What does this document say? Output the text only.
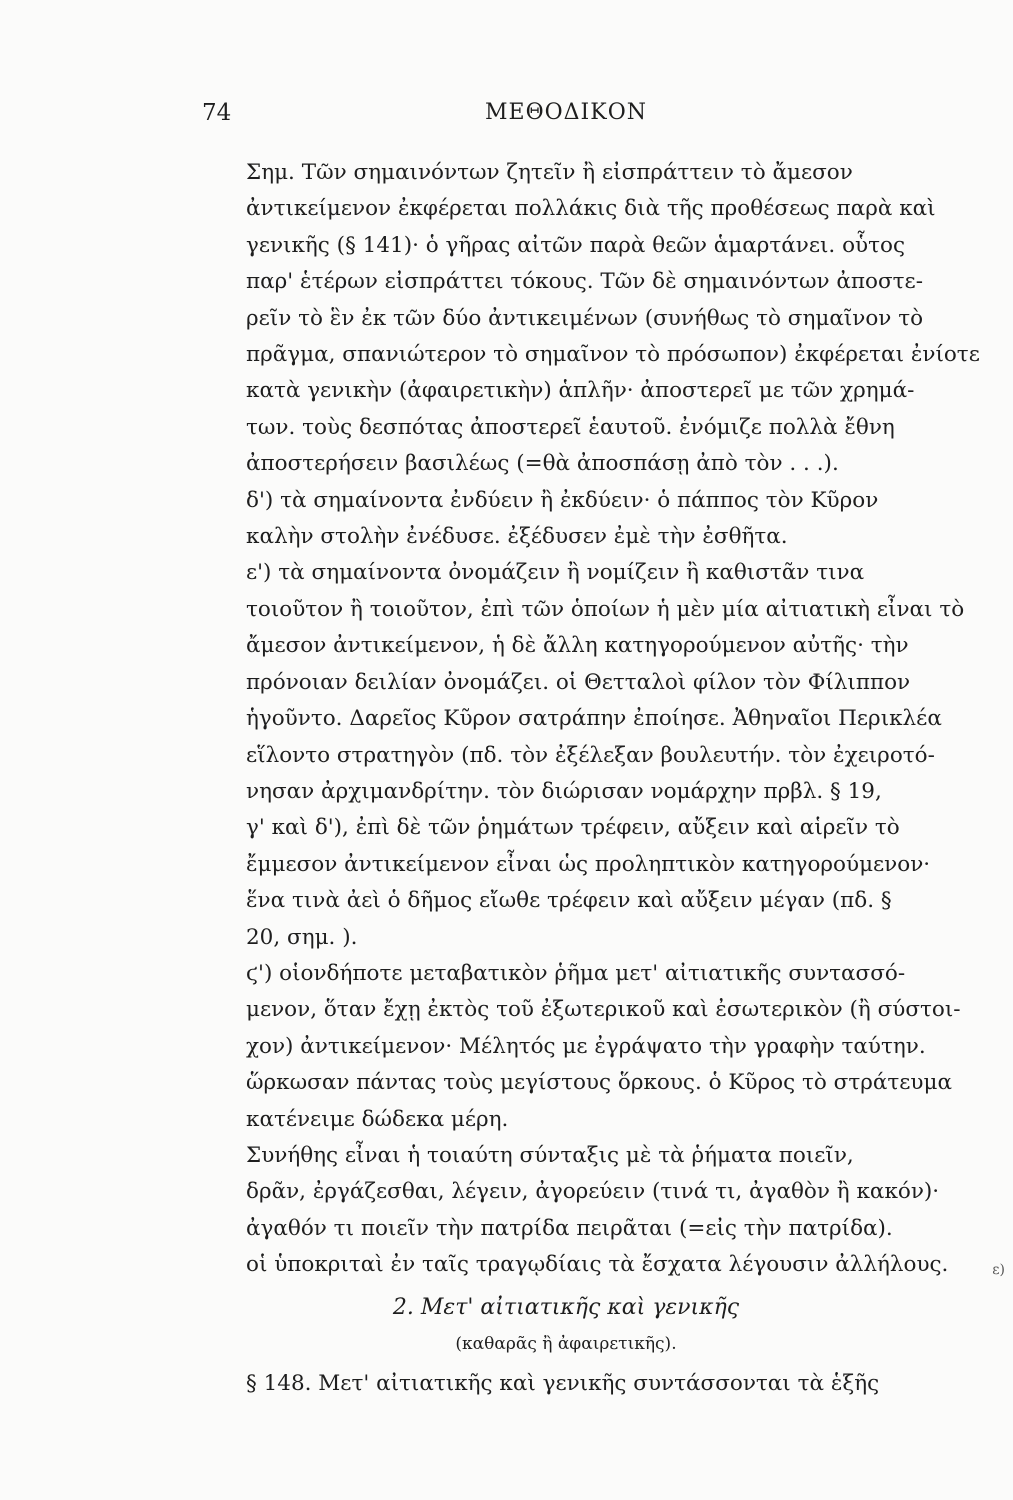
74	ΜΕΘΟΔΙΚΟΝ

Σημ. Τῶν σημαινόντων ζητεῖν ἢ εἰσπράττειν τὸ ἄμεσον
ἀντικείμενον ἐκφέρεται πολλάκις διὰ τῆς προθέσεως παρὰ καὶ
γενικῆς (§ 141)· ὁ γῆρας αἰτῶν παρὰ θεῶν ἁμαρτάνει. οὗτος
παρ' ἑτέρων εἰσπράττει τόκους. Τῶν δὲ σημαινόντων ἀποστε-
ρεῖν τὸ ἓν ἐκ τῶν δύο ἀντικειμένων (συνήθως τὸ σημαῖνον τὸ
πρᾶγμα, σπανιώτερον τὸ σημαῖνον τὸ πρόσωπον) ἐκφέρεται ἐνίοτε
κατὰ γενικὴν (ἀφαιρετικὴν) ἁπλῆν· ἀποστερεῖ με τῶν χρημά-
των. τοὺς δεσπότας ἀποστερεῖ ἑαυτοῦ. ἐνόμιζε πολλὰ ἔθνη
ἀποστερήσειν βασιλέως (=θὰ ἀποσπάσῃ ἀπὸ τὸν . . .).

δ') τὰ σημαίνοντα ἐνδύειν ἢ ἐκδύειν· ὁ πάππος τὸν Κῦρον
καλὴν στολὴν ἐνέδυσε. ἐξέδυσεν ἐμὲ τὴν ἐσθῆτα.

ε') τὰ σημαίνοντα ὀνομάζειν ἢ νομίζειν ἢ καθιστᾶν τινα
τοιοῦτον ἢ τοιοῦτον, ἐπὶ τῶν ὁποίων ἡ μὲν μία αἰτιατικὴ εἶναι τὸ
ἄμεσον ἀντικείμενον, ἡ δὲ ἄλλη κατηγορούμενον αὐτῆς· τὴν
πρόνοιαν δειλίαν ὀνομάζει. οἱ Θετταλοὶ φίλον τὸν Φίλιππον
ἡγοῦντο. Δαρεῖος Κῦρον σατράπην ἐποίησε. Ἀθηναῖοι Περικλέα
εἵλοντο στρατηγὸν (πδ. τὸν ἐξέλεξαν βουλευτήν. τὸν ἐχειροτό-
νησαν ἀρχιμανδρίτην. τὸν διώρισαν νομάρχην πρβλ. § 19,
γ' καὶ δ'), ἐπὶ δὲ τῶν ῥημάτων τρέφειν, αὔξειν καὶ αἱρεῖν τὸ
ἔμμεσον ἀντικείμενον εἶναι ὡς προληπτικὸν κατηγορούμενον·
ἕνα τινὰ ἀεὶ ὁ δῆμος εἴωθε τρέφειν καὶ αὔξειν μέγαν (πδ. §
20, σημ. ).

ϛ') οἱονδήποτε μεταβατικὸν ῥῆμα μετ' αἰτιατικῆς συντασσό-
μενον, ὅταν ἔχῃ ἐκτὸς τοῦ ἐξωτερικοῦ καὶ ἐσωτερικὸν (ἢ σύστοι-
χον) ἀντικείμενον· Μέλητός με ἐγράψατο τὴν γραφὴν ταύτην.
ὥρκωσαν πάντας τοὺς μεγίστους ὅρκους. ὁ Κῦρος τὸ στράτευμα
κατένειμε δώδεκα μέρη.

Συνήθης εἶναι ἡ τοιαύτη σύνταξις μὲ τὰ ῥήματα ποιεῖν,
δρᾶν, ἐργάζεσθαι, λέγειν, ἀγορεύειν (τινά τι, ἀγαθὸν ἢ κακόν)·
ἀγαθόν τι ποιεῖν τὴν πατρίδα πειρᾶται (=εἰς τὴν πατρίδα).
οἱ ὑποκριταὶ ἐν ταῖς τραγῳδίαις τὰ ἔσχατα λέγουσιν ἀλλήλους.

2. Μετ' αἰτιατικῆς καὶ γενικῆς

(καθαρᾶς ἢ ἀφαιρετικῆς).

§ 148. Μετ' αἰτιατικῆς καὶ γενικῆς συντάσσονται τὰ ἑξῆς

ε)
